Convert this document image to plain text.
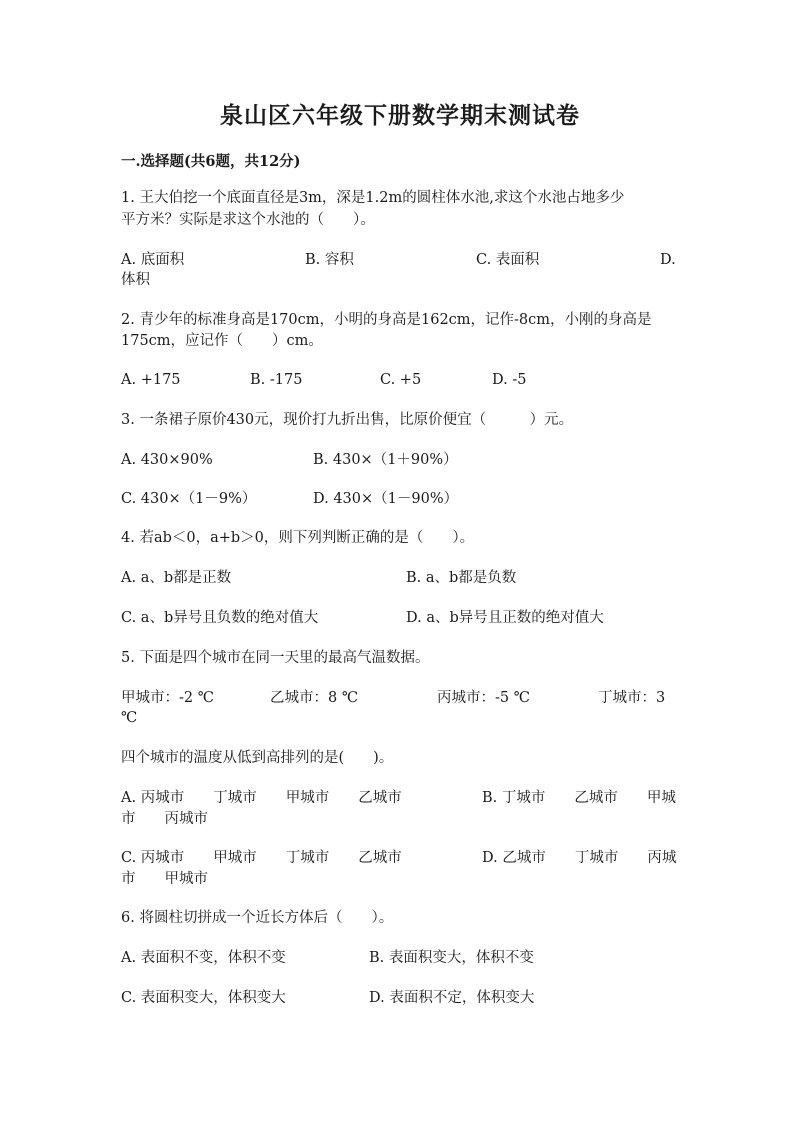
泉山区六年级下册数学期末测试卷
一.选择题(共6题，共12分)
1. 王大伯挖一个底面直径是3m，深是1.2m的圆柱体水池,求这个水池占地多少
平方米？实际是求这个水池的（　　）。
A. 底面积	B. 容积	C. 表面积	D.
体积
2. 青少年的标准身高是170cm，小明的身高是162cm，记作-8cm，小刚的身高是
175cm，应记作（　　）cm。
A. +175	B. -175	C. +5	D. -5
3. 一条裙子原价430元，现价打九折出售，比原价便宜（　　　）元。
A. 430×90%	B. 430×（1＋90%）
C. 430×（1－9%）	D. 430×（1－90%）
4. 若ab＜0，a+b＞0，则下列判断正确的是（　　）。
A. a、b都是正数	B. a、b都是负数
C. a、b异号且负数的绝对值大	D. a、b异号且正数的绝对值大
5. 下面是四个城市在同一天里的最高气温数据。
甲城市：-2 ℃	乙城市：8 ℃	丙城市：-5 ℃	丁城市：3
℃
四个城市的温度从低到高排列的是(　　)。
A. 丙城市　　丁城市　　甲城市　　乙城市	B. 丁城市　　乙城市　　甲城
市　　丙城市
C. 丙城市　　甲城市　　丁城市　　乙城市	D. 乙城市　　丁城市　　丙城
市　　甲城市
6. 将圆柱切拼成一个近长方体后（　　）。
A. 表面积不变，体积不变	B. 表面积变大，体积不变
C. 表面积变大，体积变大	D. 表面积不定，体积变大
